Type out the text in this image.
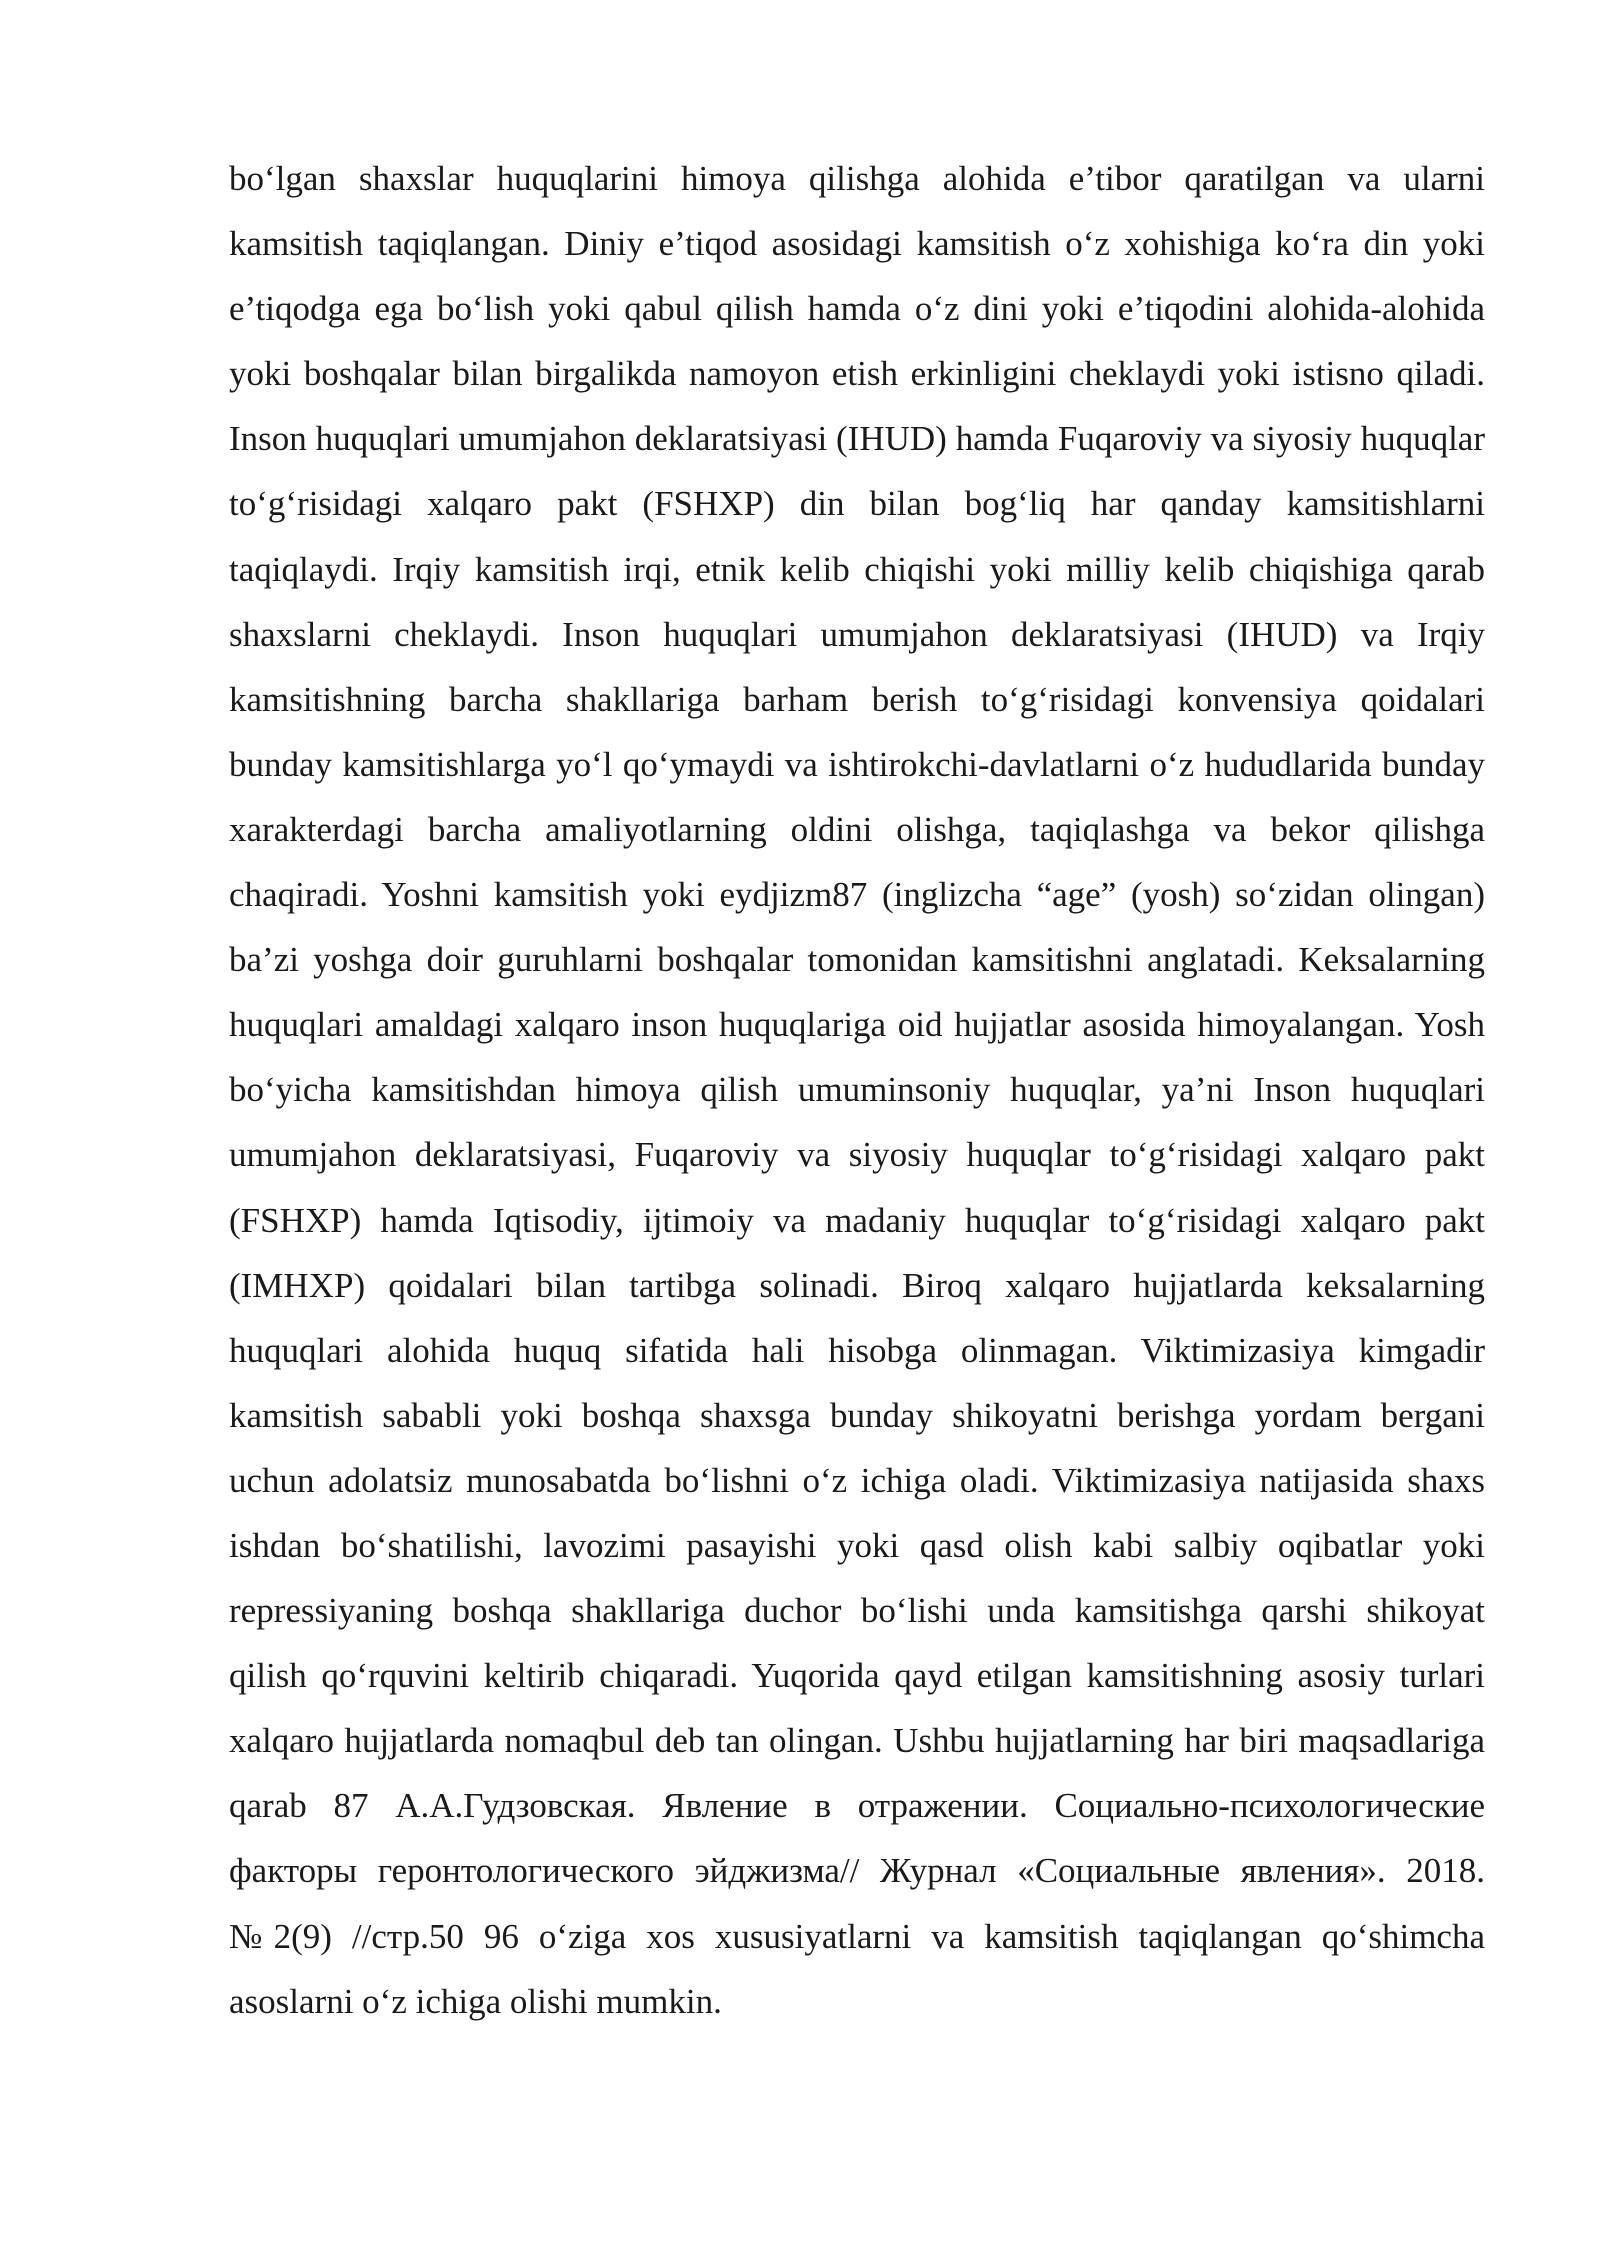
bo‘lgan shaxslar huquqlarini himoya qilishga alohida e’tibor qaratilgan va ularni kamsitish taqiqlangan. Diniy e’tiqod asosidagi kamsitish o‘z xohishiga ko‘ra din yoki e’tiqodga ega bo‘lish yoki qabul qilish hamda o‘z dini yoki e’tiqodini alohida-alohida yoki boshqalar bilan birgalikda namoyon etish erkinligini cheklaydi yoki istisno qiladi. Inson huquqlari umumjahon deklaratsiyasi (IHUD) hamda Fuqaroviy va siyosiy huquqlar to‘g‘risidagi xalqaro pakt (FSHXP) din bilan bog‘liq har qanday kamsitishlarni taqiqlaydi. Irqiy kamsitish irqi, etnik kelib chiqishi yoki milliy kelib chiqishiga qarab shaxslarni cheklaydi. Inson huquqlari umumjahon deklaratsiyasi (IHUD) va Irqiy kamsitishning barcha shakllariga barham berish to‘g‘risidagi konvensiya qoidalari bunday kamsitishlarga yo‘l qo‘ymaydi va ishtirokchi-davlatlarni o‘z hududlarida bunday xarakterdagi barcha amaliyotlarning oldini olishga, taqiqlashga va bekor qilishga chaqiradi. Yoshni kamsitish yoki eydjizm87 (inglizcha “age” (yosh) so‘zidan olingan) ba’zi yoshga doir guruhlarni boshqalar tomonidan kamsitishni anglatadi. Keksalarning huquqlari amaldagi xalqaro inson huquqlariga oid hujjatlar asosida himoyalangan. Yosh bo‘yicha kamsitishdan himoya qilish umuminsoniy huquqlar, ya’ni Inson huquqlari umumjahon deklaratsiyasi, Fuqaroviy va siyosiy huquqlar to‘g‘risidagi xalqaro pakt (FSHXP) hamda Iqtisodiy, ijtimoiy va madaniy huquqlar to‘g‘risidagi xalqaro pakt (IMHXP) qoidalari bilan tartibga solinadi. Biroq xalqaro hujjatlarda keksalarning huquqlari alohida huquq sifatida hali hisobga olinmagan. Viktimizasiya kimgadir kamsitish sababli yoki boshqa shaxsga bunday shikoyatni berishga yordam bergani uchun adolatsiz munosabatda bo‘lishni o‘z ichiga oladi. Viktimizasiya natijasida shaxs ishdan bo‘shatilishi, lavozimi pasayishi yoki qasd olish kabi salbiy oqibatlar yoki repressiyaning boshqa shakllariga duchor bo‘lishi unda kamsitishga qarshi shikoyat qilish qo‘rquvini keltirib chiqaradi. Yuqorida qayd etilgan kamsitishning asosiy turlari xalqaro hujjatlarda nomaqbul deb tan olingan. Ushbu hujjatlarning har biri maqsadlariga qarab 87 А.А.Гудзовская. Явление в отражении. Социально-психологические факторы геронтологического эйджизма// Журнал «Социальные явления». 2018. №2(9) //стр.50 96 o‘ziga xos xususiyatlarni va kamsitish taqiqlangan qo‘shimcha asoslarni o‘z ichiga olishi mumkin.
